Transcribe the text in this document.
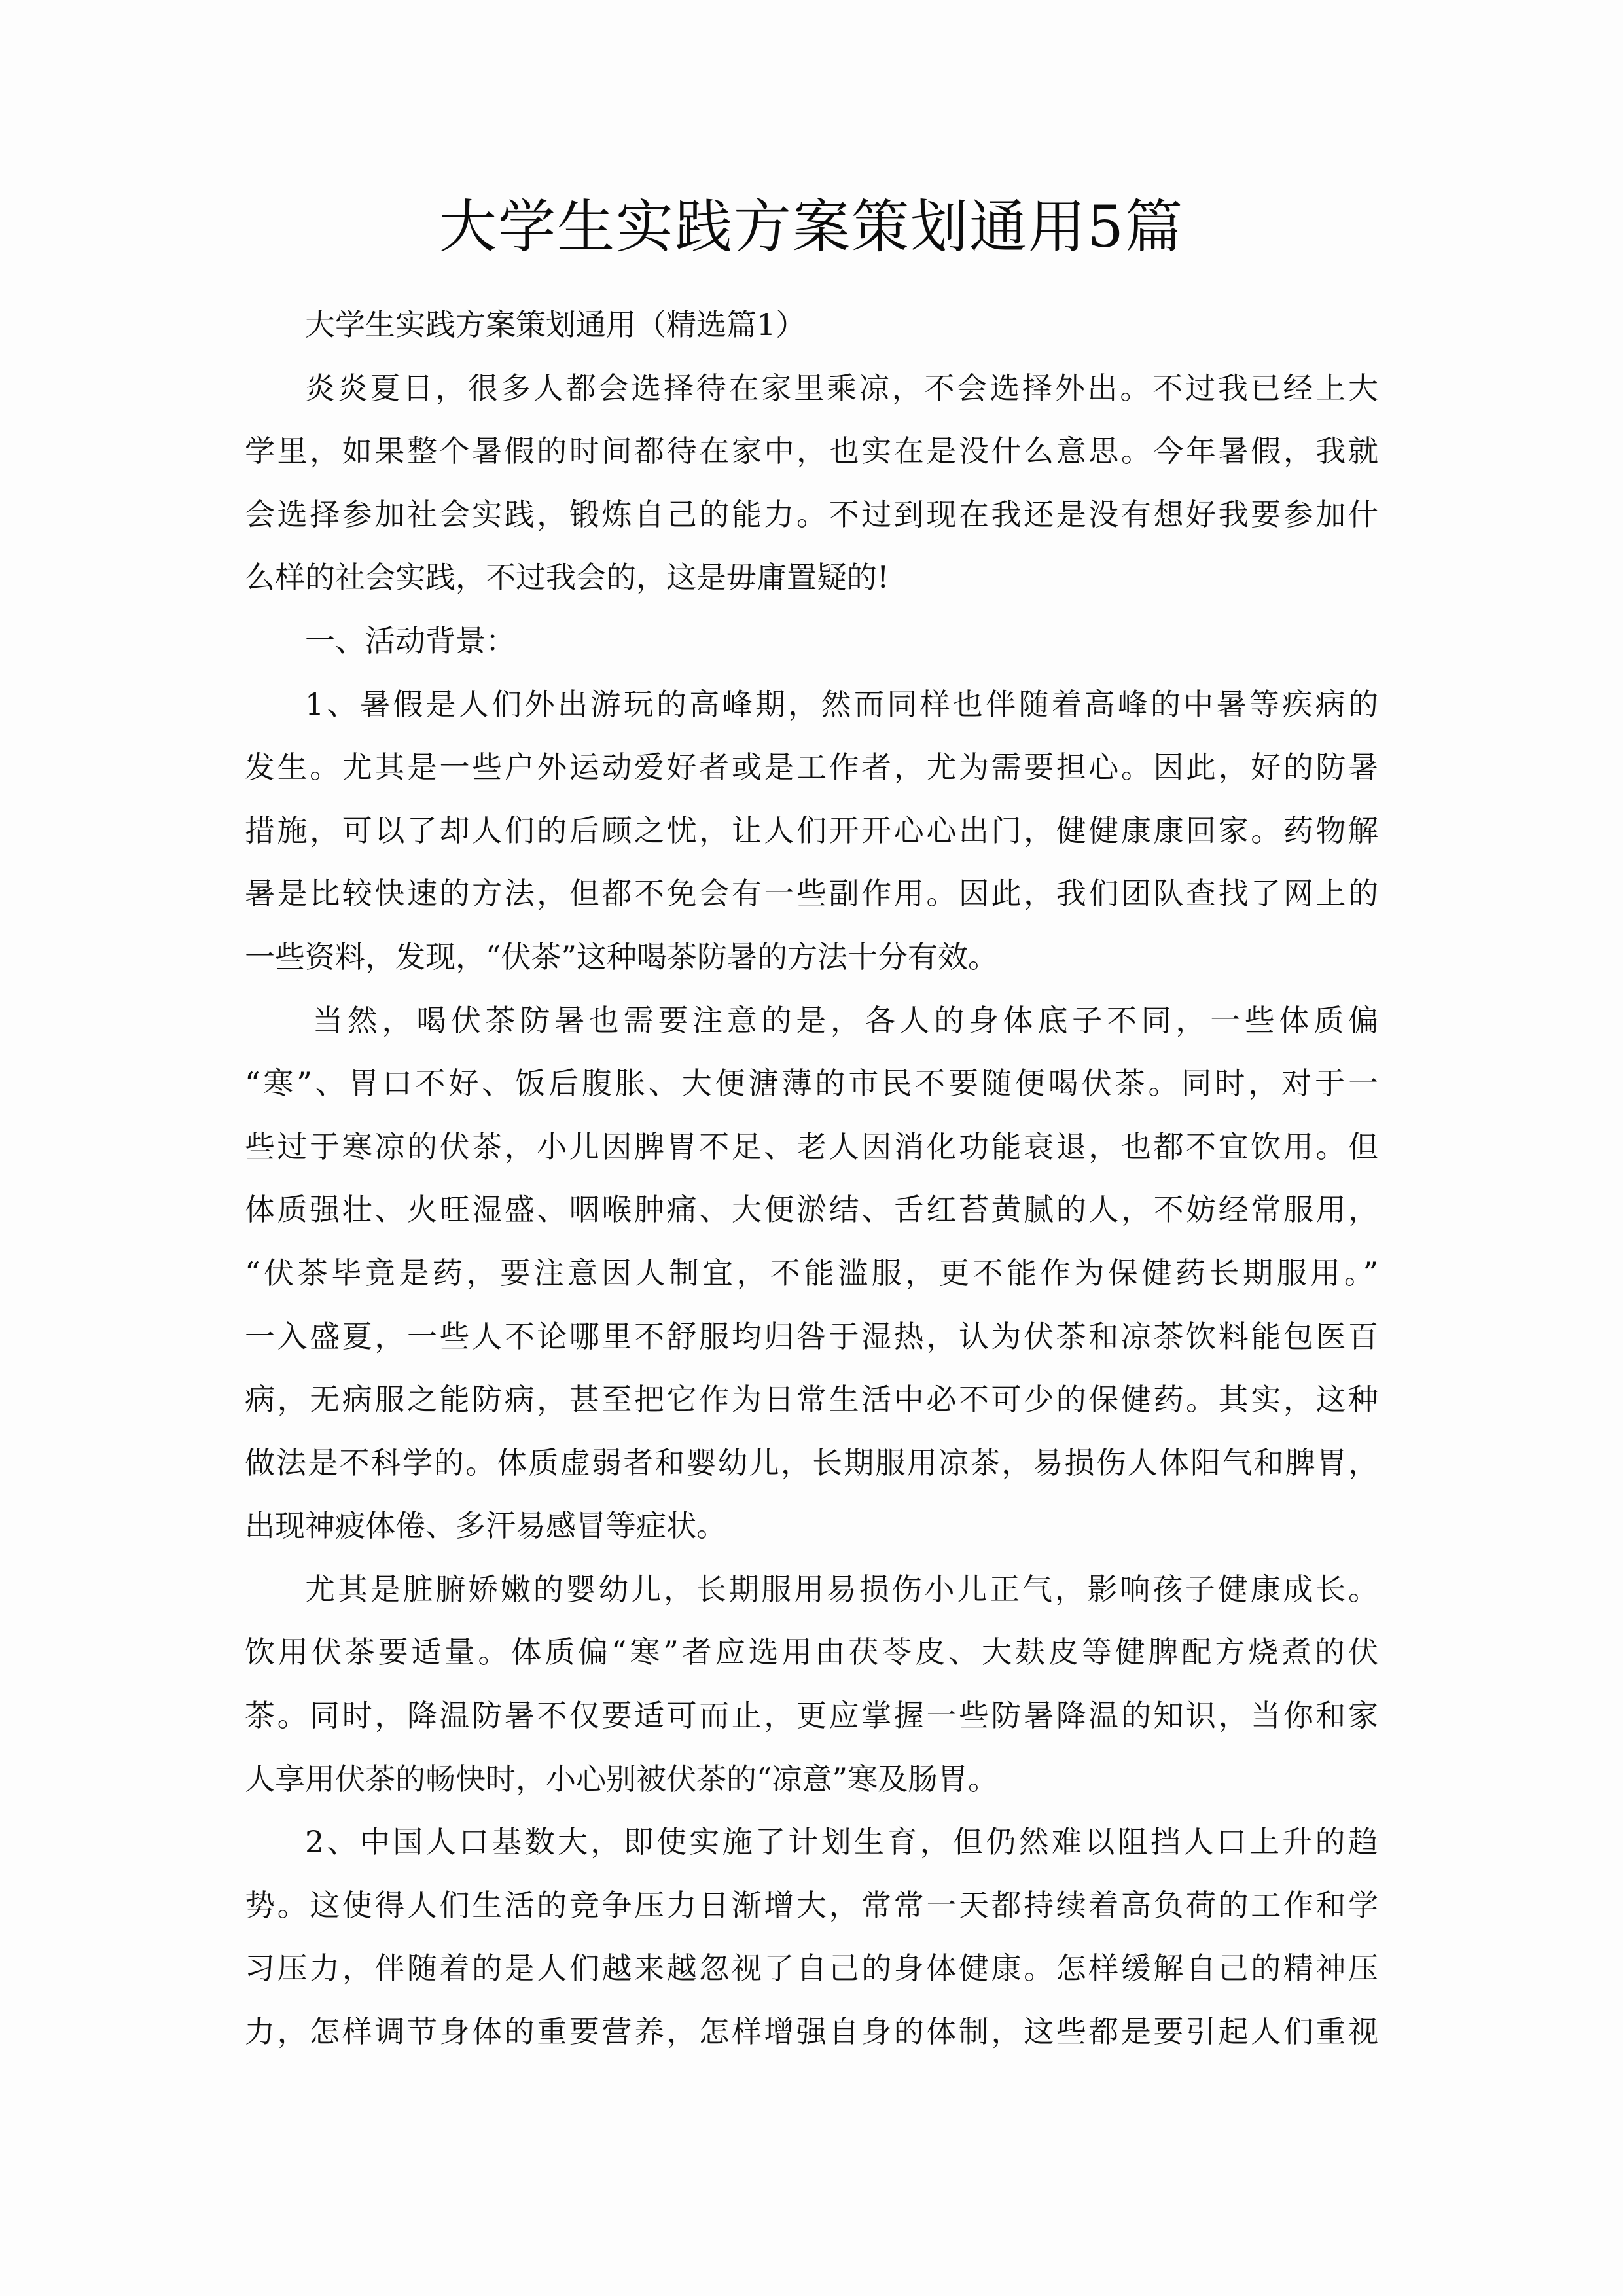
大学生实践方案策划通用5篇
大学生实践方案策划通用（精选篇1）
炎炎夏日，很多人都会选择待在家里乘凉，不会选择外出。不过我已经上大
学里，如果整个暑假的时间都待在家中，也实在是没什么意思。今年暑假，我就
会选择参加社会实践，锻炼自己的能力。不过到现在我还是没有想好我要参加什
么样的社会实践，不过我会的，这是毋庸置疑的!
一、活动背景：
1、暑假是人们外出游玩的高峰期，然而同样也伴随着高峰的中暑等疾病的
发生。尤其是一些户外运动爱好者或是工作者，尤为需要担心。因此，好的防暑
措施，可以了却人们的后顾之忧，让人们开开心心出门，健健康康回家。药物解
暑是比较快速的方法，但都不免会有一些副作用。因此，我们团队查找了网上的
一些资料，发现，“伏茶”这种喝茶防暑的方法十分有效。
当然，喝伏茶防暑也需要注意的是，各人的身体底子不同，一些体质偏
“寒”、胃口不好、饭后腹胀、大便溏薄的市民不要随便喝伏茶。同时，对于一
些过于寒凉的伏茶，小儿因脾胃不足、老人因消化功能衰退，也都不宜饮用。但
体质强壮、火旺湿盛、咽喉肿痛、大便淤结、舌红苔黄腻的人，不妨经常服用，
“伏茶毕竟是药，要注意因人制宜，不能滥服，更不能作为保健药长期服用。”
一入盛夏，一些人不论哪里不舒服均归咎于湿热，认为伏茶和凉茶饮料能包医百
病，无病服之能防病，甚至把它作为日常生活中必不可少的保健药。其实，这种
做法是不科学的。体质虚弱者和婴幼儿，长期服用凉茶，易损伤人体阳气和脾胃，
出现神疲体倦、多汗易感冒等症状。
尤其是脏腑娇嫩的婴幼儿，长期服用易损伤小儿正气，影响孩子健康成长。
饮用伏茶要适量。体质偏“寒”者应选用由茯苓皮、大麸皮等健脾配方烧煮的伏
茶。同时，降温防暑不仅要适可而止，更应掌握一些防暑降温的知识，当你和家
人享用伏茶的畅快时，小心别被伏茶的“凉意”寒及肠胃。
2、中国人口基数大，即使实施了计划生育，但仍然难以阻挡人口上升的趋
势。这使得人们生活的竞争压力日渐增大，常常一天都持续着高负荷的工作和学
习压力，伴随着的是人们越来越忽视了自己的身体健康。怎样缓解自己的精神压
力，怎样调节身体的重要营养，怎样增强自身的体制，这些都是要引起人们重视
